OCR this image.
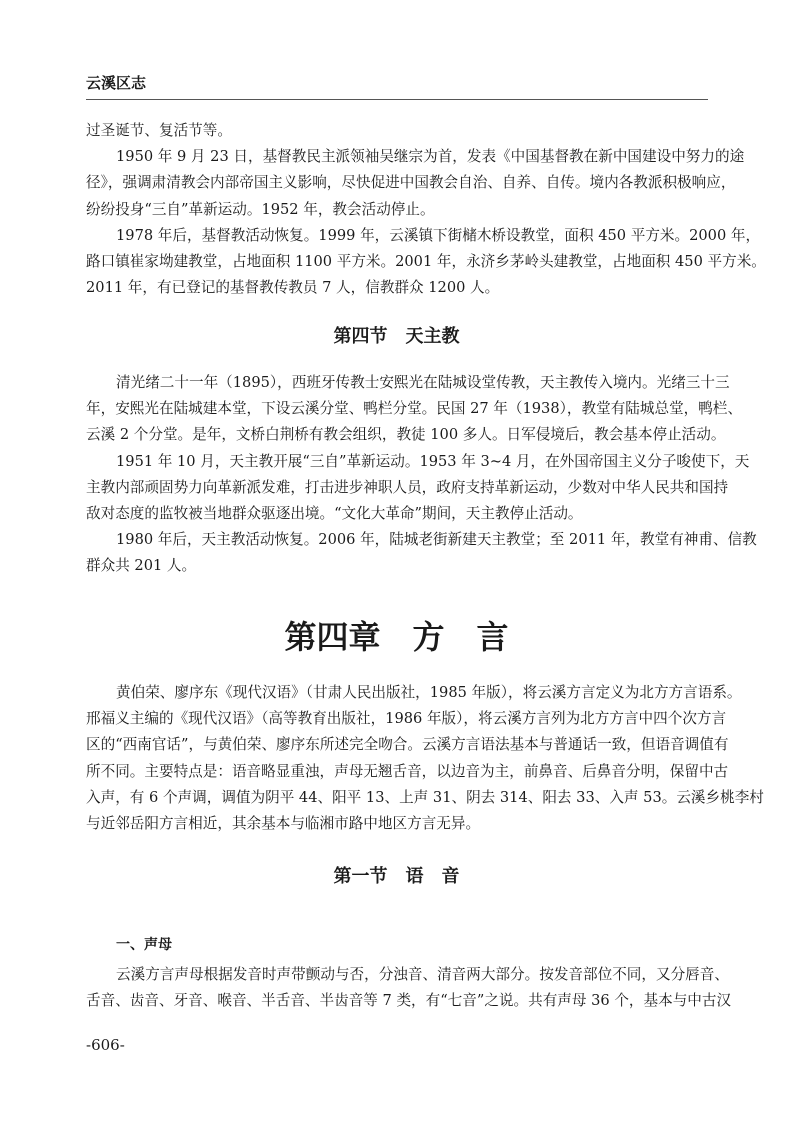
云溪区志
过圣诞节、复活节等。
1950 年 9 月 23 日，基督教民主派领袖吴继宗为首，发表《中国基督教在新中国建设中努力的途
径》，强调肃清教会内部帝国主义影响，尽快促进中国教会自治、自养、自传。境内各教派积极响应，
纷纷投身“三自”革新运动。1952 年，教会活动停止。
1978 年后，基督教活动恢复。1999 年，云溪镇下街槠木桥设教堂，面积 450 平方米。2000 年，
路口镇崔家坳建教堂，占地面积 1100 平方米。2001 年，永济乡茅岭头建教堂，占地面积 450 平方米。
2011 年，有已登记的基督教传教员 7 人，信教群众 1200 人。
第四节　天主教
清光绪二十一年（1895），西班牙传教士安熙光在陆城设堂传教，天主教传入境内。光绪三十三
年，安熙光在陆城建本堂，下设云溪分堂、鸭栏分堂。民国 27 年（1938），教堂有陆城总堂，鸭栏、
云溪 2 个分堂。是年，文桥白荆桥有教会组织，教徒 100 多人。日军侵境后，教会基本停止活动。
1951 年 10 月，天主教开展“三自”革新运动。1953 年 3~4 月，在外国帝国主义分子唆使下，天
主教内部顽固势力向革新派发难，打击进步神职人员，政府支持革新运动，少数对中华人民共和国持
敌对态度的监牧被当地群众驱逐出境。“文化大革命”期间，天主教停止活动。
1980 年后，天主教活动恢复。2006 年，陆城老街新建天主教堂；至 2011 年，教堂有神甫、信教
群众共 201 人。
第四章　方　言
黄伯荣、廖序东《现代汉语》（甘肃人民出版社，1985 年版），将云溪方言定义为北方方言语系。
邢福义主编的《现代汉语》（高等教育出版社，1986 年版），将云溪方言列为北方方言中四个次方言
区的“西南官话”，与黄伯荣、廖序东所述完全吻合。云溪方言语法基本与普通话一致，但语音调值有
所不同。主要特点是：语音略显重浊，声母无翘舌音，以边音为主，前鼻音、后鼻音分明，保留中古
入声，有 6 个声调，调值为阴平 44、阳平 13、上声 31、阴去 314、阳去 33、入声 53。云溪乡桃李村
与近邻岳阳方言相近，其余基本与临湘市路中地区方言无异。
第一节　语　音
一、声母
云溪方言声母根据发音时声带颤动与否，分浊音、清音两大部分。按发音部位不同，又分唇音、
舌音、齿音、牙音、喉音、半舌音、半齿音等 7 类，有“七音”之说。共有声母 36 个，基本与中古汉
-606-
